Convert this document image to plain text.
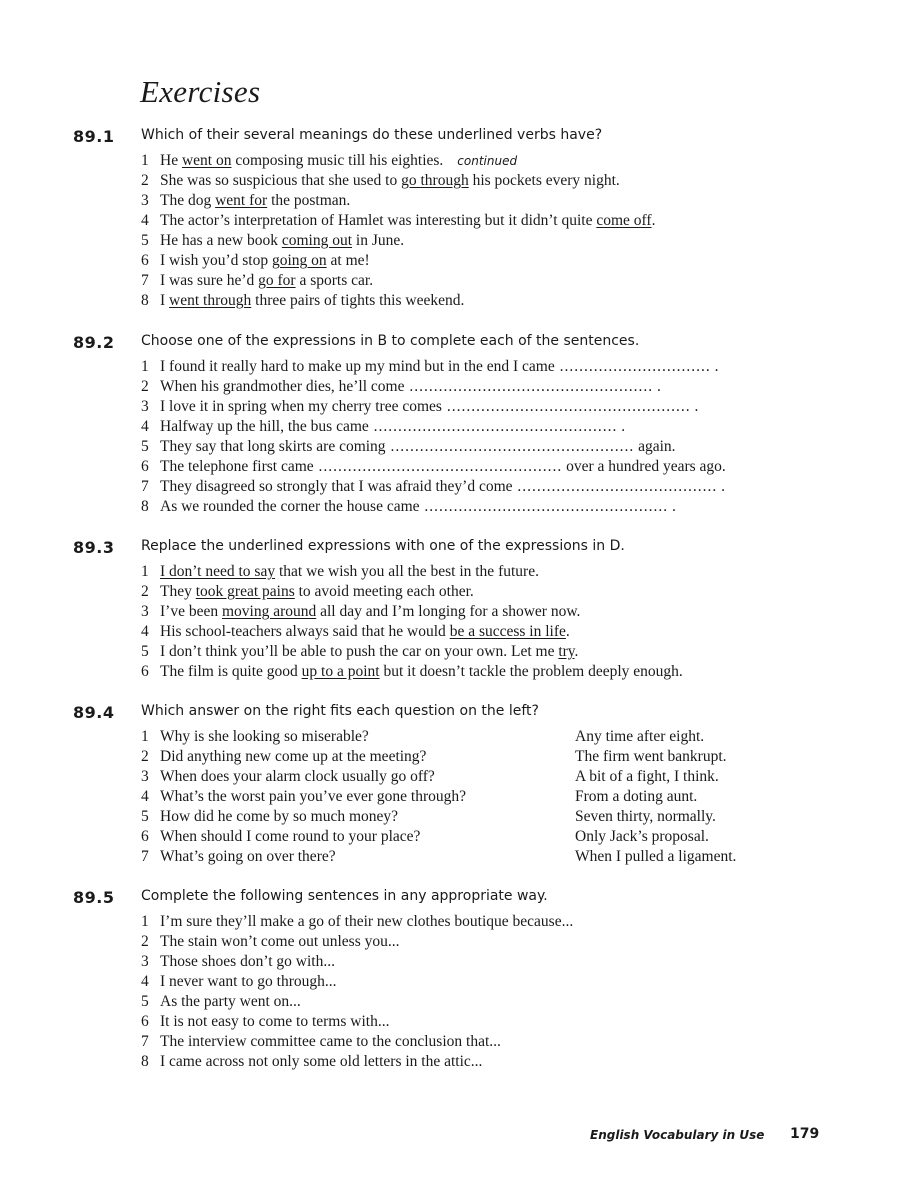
Exercises
89.1 Which of their several meanings do these underlined verbs have?
1 He went on composing music till his eighties. continued
2 She was so suspicious that she used to go through his pockets every night.
3 The dog went for the postman.
4 The actor’s interpretation of Hamlet was interesting but it didn’t quite come off.
5 He has a new book coming out in June.
6 I wish you’d stop going on at me!
7 I was sure he’d go for a sports car.
8 I went through three pairs of tights this weekend.
89.2 Choose one of the expressions in B to complete each of the sentences.
1 I found it really hard to make up my mind but in the end I came ............................... .
2 When his grandmother dies, he’ll come .................................................. .
3 I love it in spring when my cherry tree comes .................................................. .
4 Halfway up the hill, the bus came .................................................. .
5 They say that long skirts are coming .................................................. again.
6 The telephone first came .................................................. over a hundred years ago.
7 They disagreed so strongly that I was afraid they’d come ......................................... .
8 As we rounded the corner the house came .................................................. .
89.3 Replace the underlined expressions with one of the expressions in D.
1 I don’t need to say that we wish you all the best in the future.
2 They took great pains to avoid meeting each other.
3 I’ve been moving around all day and I’m longing for a shower now.
4 His school-teachers always said that he would be a success in life.
5 I don’t think you’ll be able to push the car on your own. Let me try.
6 The film is quite good up to a point but it doesn’t tackle the problem deeply enough.
89.4 Which answer on the right fits each question on the left?
1 Why is she looking so miserable?
2 Did anything new come up at the meeting?
3 When does your alarm clock usually go off?
4 What’s the worst pain you’ve ever gone through?
5 How did he come by so much money?
6 When should I come round to your place?
7 What’s going on over there?
Any time after eight.
The firm went bankrupt.
A bit of a fight, I think.
From a doting aunt.
Seven thirty, normally.
Only Jack’s proposal.
When I pulled a ligament.
89.5 Complete the following sentences in any appropriate way.
1 I’m sure they’ll make a go of their new clothes boutique because...
2 The stain won’t come out unless you...
3 Those shoes don’t go with...
4 I never want to go through...
5 As the party went on...
6 It is not easy to come to terms with...
7 The interview committee came to the conclusion that...
8 I came across not only some old letters in the attic...
English Vocabulary in Use 179
